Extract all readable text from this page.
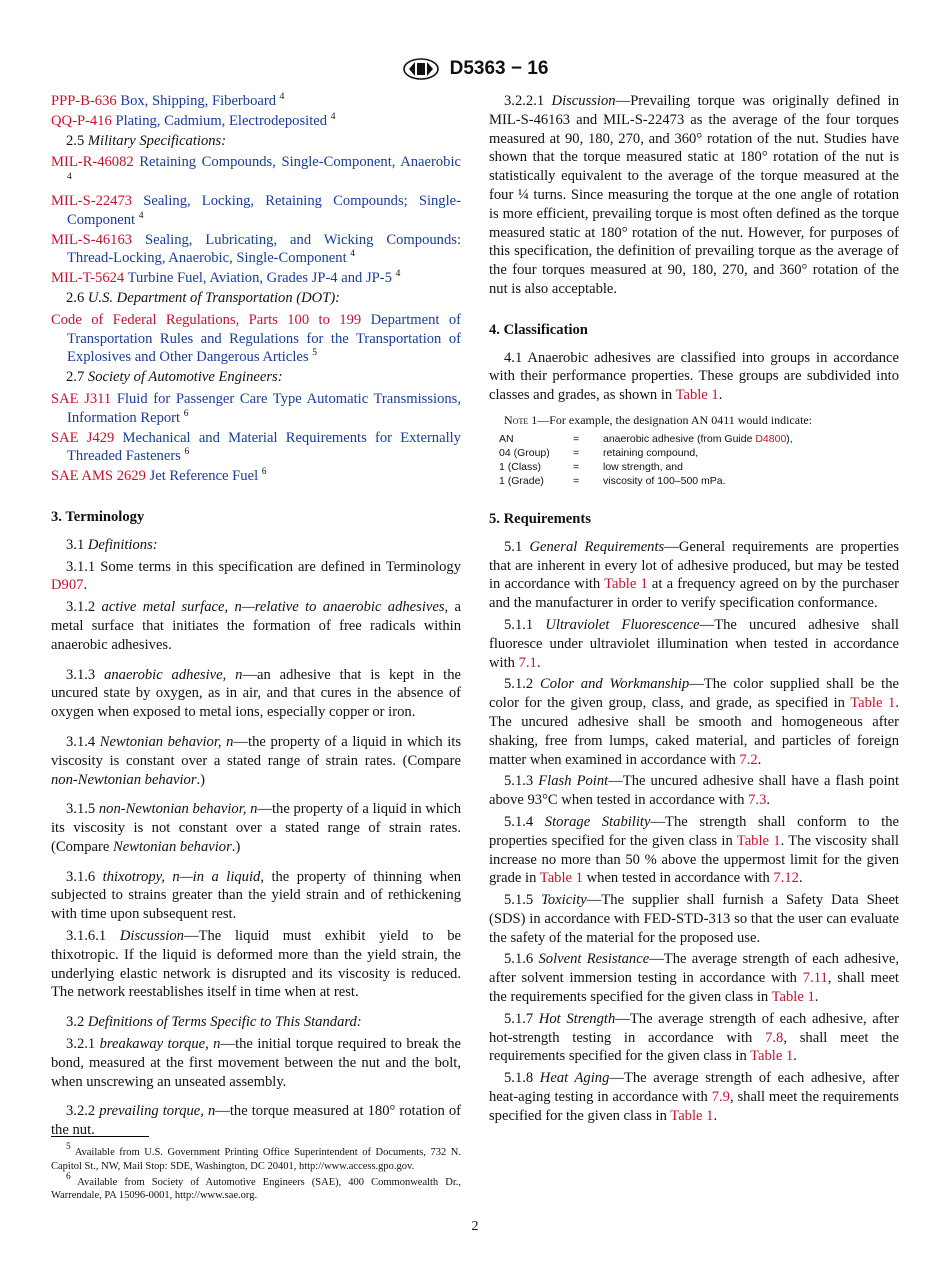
D5363 − 16
PPP-B-636 Box, Shipping, Fiberboard $^4$
QQ-P-416 Plating, Cadmium, Electrodeposited $^4$
2.5 Military Specifications:
MIL-R-46082 Retaining Compounds, Single-Component, Anaerobic $^4$
MIL-S-22473 Sealing, Locking, Retaining Compounds; Single-Component $^4$
MIL-S-46163 Sealing, Lubricating, and Wicking Compounds: Thread-Locking, Anaerobic, Single-Component $^4$
MIL-T-5624 Turbine Fuel, Aviation, Grades JP-4 and JP-5 $^4$
2.6 U.S. Department of Transportation (DOT):
Code of Federal Regulations, Parts 100 to 199 Department of Transportation Rules and Regulations for the Transportation of Explosives and Other Dangerous Articles $^5$
2.7 Society of Automotive Engineers:
SAE J311 Fluid for Passenger Care Type Automatic Transmissions, Information Report $^6$
SAE J429 Mechanical and Material Requirements for Externally Threaded Fasteners $^6$
SAE AMS 2629 Jet Reference Fuel $^6$
3. Terminology
3.1 Definitions:
3.1.1 Some terms in this specification are defined in Terminology D907.
3.1.2 active metal surface, n—relative to anaerobic adhesives, a metal surface that initiates the formation of free radicals within anaerobic adhesives.
3.1.3 anaerobic adhesive, n—an adhesive that is kept in the uncured state by oxygen, as in air, and that cures in the absence of oxygen when exposed to metal ions, especially copper or iron.
3.1.4 Newtonian behavior, n—the property of a liquid in which its viscosity is constant over a stated range of strain rates. (Compare non-Newtonian behavior.)
3.1.5 non-Newtonian behavior, n—the property of a liquid in which its viscosity is not constant over a stated range of strain rates. (Compare Newtonian behavior.)
3.1.6 thixotropy, n—in a liquid, the property of thinning when subjected to strains greater than the yield strain and of rethickening with time upon subsequent rest.
3.1.6.1 Discussion—The liquid must exhibit yield to be thixotropic. If the liquid is deformed more than the yield strain, the underlying elastic network is disrupted and its viscosity is reduced. The network reestablishes itself in time when at rest.
3.2 Definitions of Terms Specific to This Standard:
3.2.1 breakaway torque, n—the initial torque required to break the bond, measured at the first movement between the nut and the bolt, when unscrewing an unseated assembly.
3.2.2 prevailing torque, n—the torque measured at 180° rotation of the nut.
5 Available from U.S. Government Printing Office Superintendent of Documents, 732 N. Capitol St., NW, Mail Stop: SDE, Washington, DC 20401, http://www.access.gpo.gov.
6 Available from Society of Automotive Engineers (SAE), 400 Commonwealth Dr., Warrendale, PA 15096-0001, http://www.sae.org.
3.2.2.1 Discussion—Prevailing torque was originally defined in MIL-S-46163 and MIL-S-22473 as the average of the four torques measured at 90, 180, 270, and 360° rotation of the nut. Studies have shown that the torque measured static at 180° rotation of the nut is statistically equivalent to the average of the torque measured at the four ¼ turns. Since measuring the torque at the one angle of rotation is more efficient, prevailing torque is most often defined as the torque measured static at 180° rotation of the nut. However, for purposes of this specification, the definition of prevailing torque as the average of the four torques measured at 90, 180, 270, and 360° rotation of the nut is also acceptable.
4. Classification
4.1 Anaerobic adhesives are classified into groups in accordance with their performance properties. These groups are subdivided into classes and grades, as shown in Table 1.
Note 1—For example, the designation AN 0411 would indicate:
AN	=	anaerobic adhesive (from Guide D4800),
04 (Group)	=	retaining compound,
1 (Class)	=	low strength, and
1 (Grade)	=	viscosity of 100–500 mPa.
5. Requirements
5.1 General Requirements—General requirements are properties that are inherent in every lot of adhesive produced, but may be tested in accordance with Table 1 at a frequency agreed on by the purchaser and the manufacturer in order to verify specification conformance.
5.1.1 Ultraviolet Fluorescence—The uncured adhesive shall fluoresce under ultraviolet illumination when tested in accordance with 7.1.
5.1.2 Color and Workmanship—The color supplied shall be the color for the given group, class, and grade, as specified in Table 1. The uncured adhesive shall be smooth and homogeneous after shaking, free from lumps, caked material, and particles of foreign matter when examined in accordance with 7.2.
5.1.3 Flash Point—The uncured adhesive shall have a flash point above 93°C when tested in accordance with 7.3.
5.1.4 Storage Stability—The strength shall conform to the properties specified for the given class in Table 1. The viscosity shall increase no more than 50 % above the uppermost limit for the given grade in Table 1 when tested in accordance with 7.12.
5.1.5 Toxicity—The supplier shall furnish a Safety Data Sheet (SDS) in accordance with FED-STD-313 so that the user can evaluate the safety of the material for the proposed use.
5.1.6 Solvent Resistance—The average strength of each adhesive, after solvent immersion testing in accordance with 7.11, shall meet the requirements specified for the given class in Table 1.
5.1.7 Hot Strength—The average strength of each adhesive, after hot-strength testing in accordance with 7.8, shall meet the requirements specified for the given class in Table 1.
5.1.8 Heat Aging—The average strength of each adhesive, after heat-aging testing in accordance with 7.9, shall meet the requirements specified for the given class in Table 1.
2
